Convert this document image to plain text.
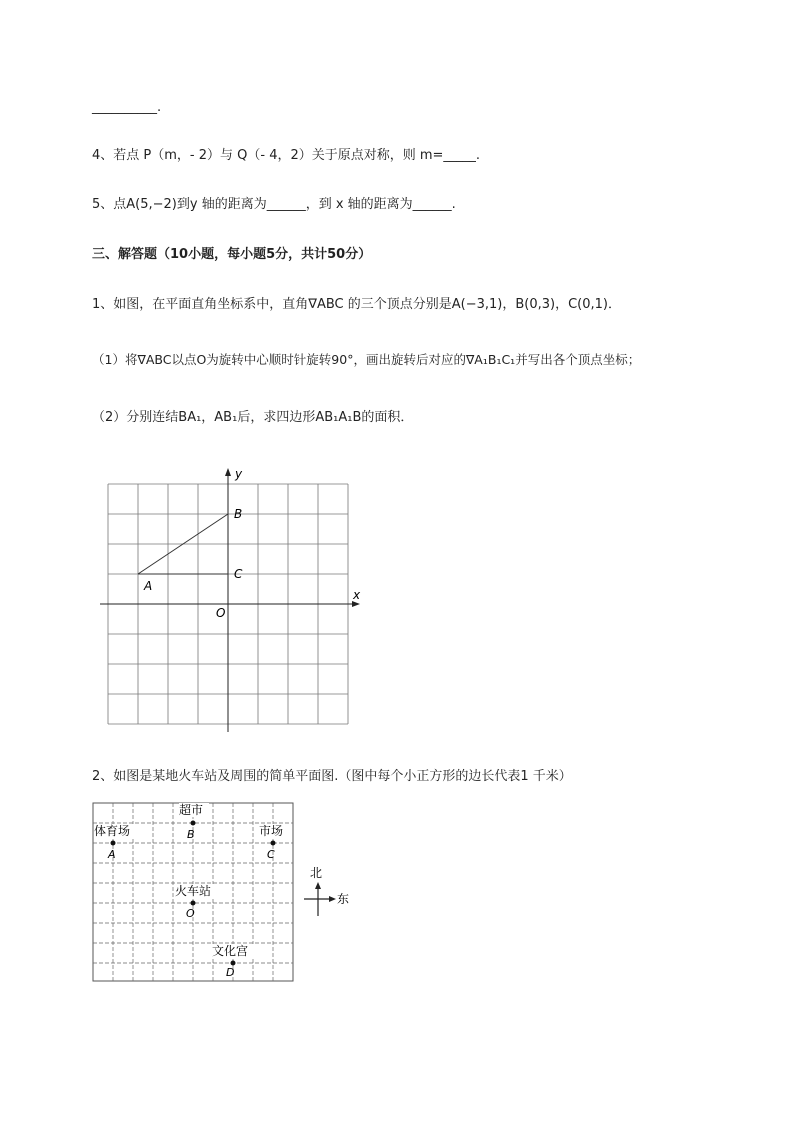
__________.
4、若点 P（m，- 2）与 Q（- 4，2）关于原点对称，则 m=_____.
5、点A(5,−2)到y 轴的距离为______，到 x 轴的距离为______.
三、解答题（10小题，每小题5分，共计50分）
1、如图，在平面直角坐标系中，直角∇ABC 的三个顶点分别是A(−3,1)，B(0,3)，C(0,1)．
（1）将∇ABC以点O为旋转中心顺时针旋转90°，画出旋转后对应的∇A₁B₁C₁并写出各个顶点坐标；
（2）分别连结BA₁，AB₁后，求四边形AB₁A₁B的面积．
x
y
O
A
B
C
2、如图是某地火车站及周围的简单平面图.（图中每个小正方形的边长代表1 千米）
体育场
A
超市
B	市场
C
火车站
O
文化宫
D
北
东
